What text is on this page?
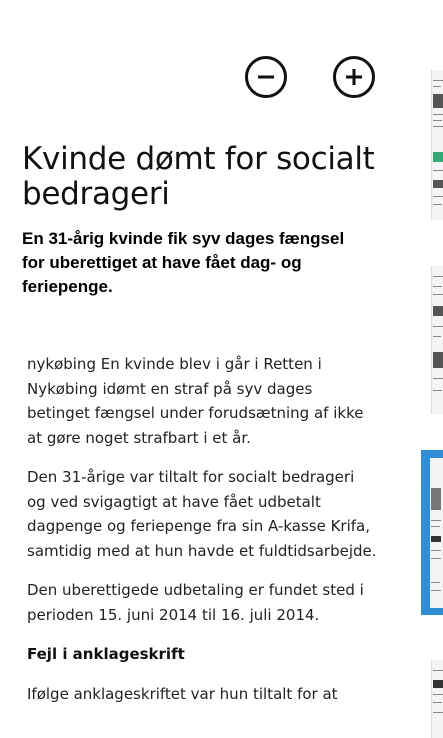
Kvinde dømt for socialt bedrageri
En 31-årig kvinde fik syv dages fængsel for uberettiget at have fået dag- og feriepenge.

nykøbing En kvinde blev i går i Retten i Nykøbing idømt en straf på syv dages betinget fængsel under forudsætning af ikke at gøre noget strafbart i et år.

Den 31-årige var tiltalt for socialt bedrageri og ved svigagtigt at have fået udbetalt dagpenge og feriepenge fra sin A-kasse Krifa, samtidig med at hun havde et fuldtidsarbejde.

Den uberettigede udbetaling er fundet sted i perioden 15. juni 2014 til 16. juli 2014.

Fejl i anklageskrift

Ifølge anklageskriftet var hun tiltalt for at
